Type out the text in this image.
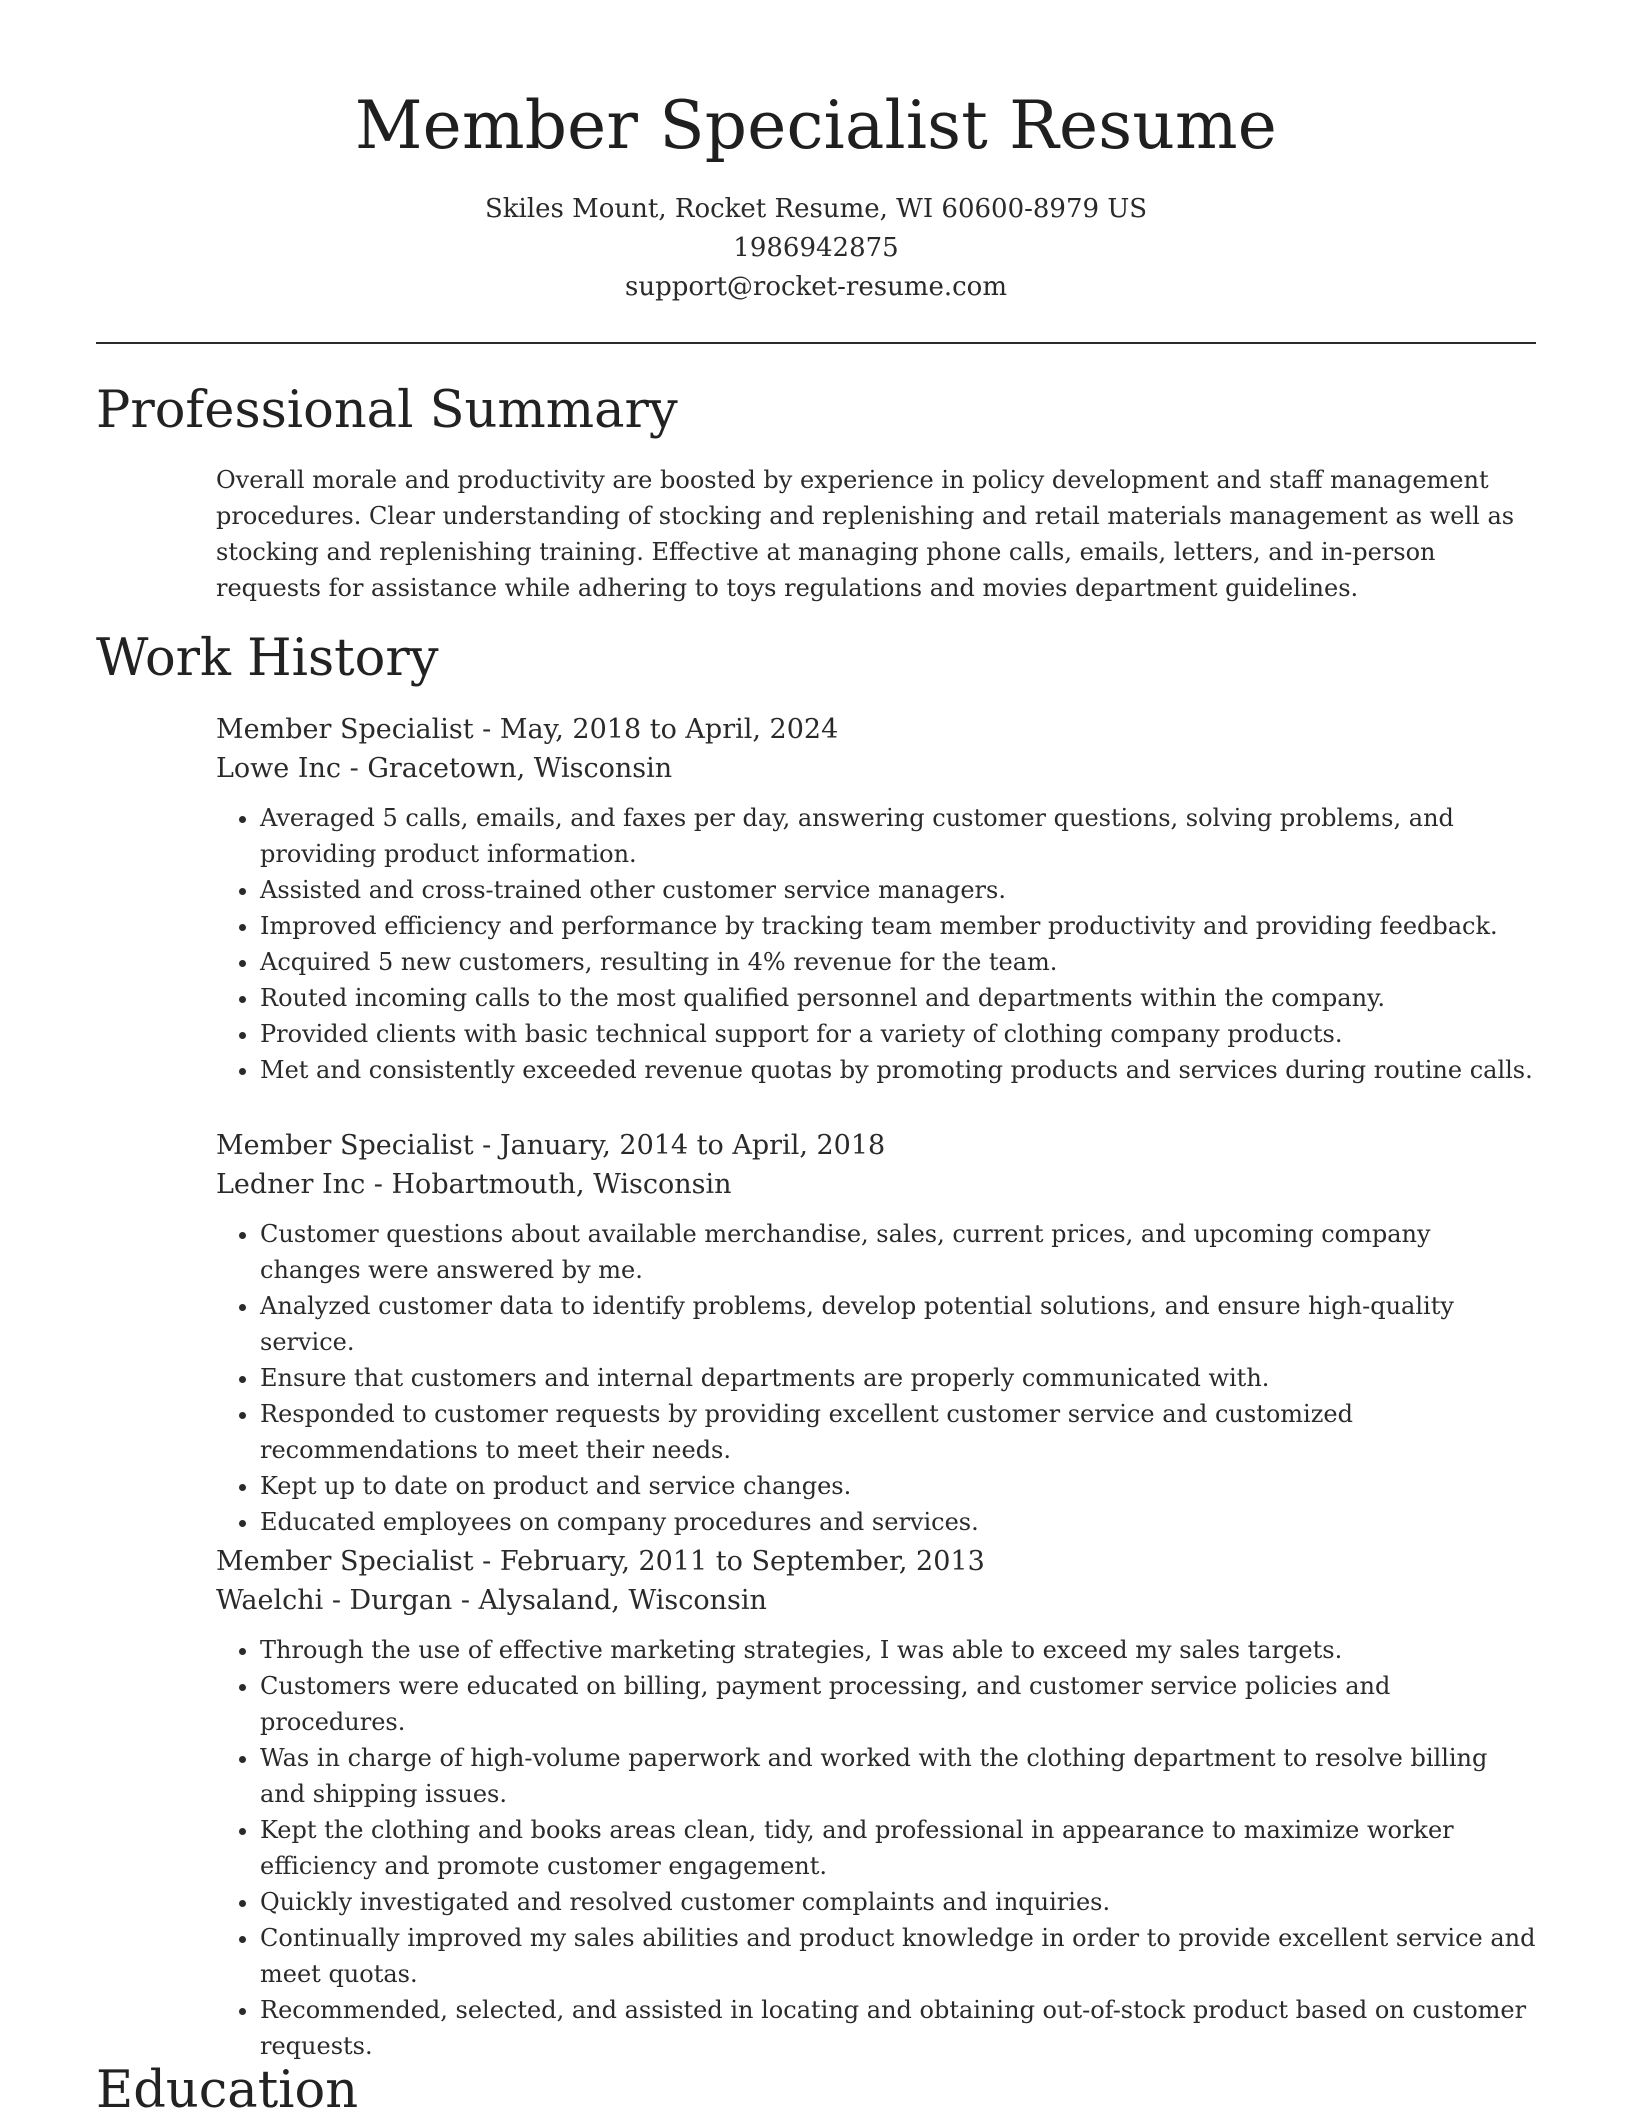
Member Specialist Resume
Skiles Mount, Rocket Resume, WI 60600-8979 US
1986942875
support@rocket-resume.com
Professional Summary

Overall morale and productivity are boosted by experience in policy development and staff management procedures. Clear understanding of stocking and replenishing and retail materials management as well as stocking and replenishing training. Effective at managing phone calls, emails, letters, and in-person requests for assistance while adhering to toys regulations and movies department guidelines.

Work History

Member Specialist - May, 2018 to April, 2024

Lowe Inc - Gracetown, Wisconsin

• Averaged 5 calls, emails, and faxes per day, answering customer questions, solving problems, and providing product information.
• Assisted and cross-trained other customer service managers.
• Improved efficiency and performance by tracking team member productivity and providing feedback.
• Acquired 5 new customers, resulting in 4% revenue for the team.
• Routed incoming calls to the most qualified personnel and departments within the company.
• Provided clients with basic technical support for a variety of clothing company products.
• Met and consistently exceeded revenue quotas by promoting products and services during routine calls.

Member Specialist - January, 2014 to April, 2018

Ledner Inc - Hobartmouth, Wisconsin

• Customer questions about available merchandise, sales, current prices, and upcoming company changes were answered by me.
• Analyzed customer data to identify problems, develop potential solutions, and ensure high-quality service.
• Ensure that customers and internal departments are properly communicated with.
• Responded to customer requests by providing excellent customer service and customized recommendations to meet their needs.
• Kept up to date on product and service changes.
• Educated employees on company procedures and services.

Member Specialist - February, 2011 to September, 2013

Waelchi - Durgan - Alysaland, Wisconsin

• Through the use of effective marketing strategies, I was able to exceed my sales targets.
• Customers were educated on billing, payment processing, and customer service policies and procedures.
• Was in charge of high-volume paperwork and worked with the clothing department to resolve billing and shipping issues.
• Kept the clothing and books areas clean, tidy, and professional in appearance to maximize worker efficiency and promote customer engagement.
• Quickly investigated and resolved customer complaints and inquiries.
• Continually improved my sales abilities and product knowledge in order to provide excellent service and meet quotas.
• Recommended, selected, and assisted in locating and obtaining out-of-stock product based on customer requests.
Education
